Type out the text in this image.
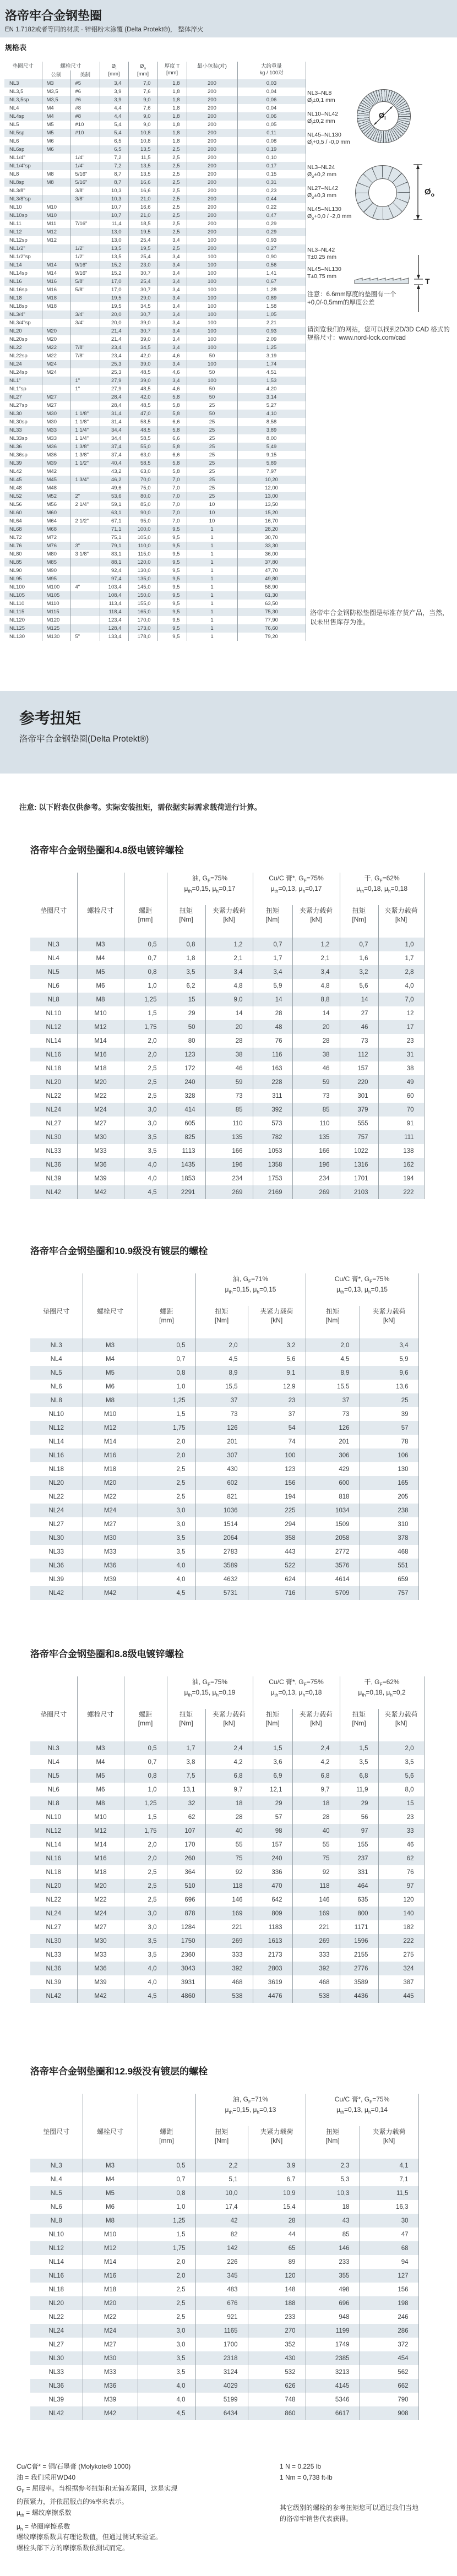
洛帝牢合金钢垫圈
EN 1.7182或者等同的材质 · 锌铝粉末涂覆 (Delta Protekt®)， 整体淬火
规格表
垫圈尺寸	螺栓尺寸		$Ø_i$
[mm]	$Ø_o$
[mm]	厚度 T
[mm]	最小包装(对)	大约重量
kg / 100对
	公制	美制					
NL3	M3	#5	3,4	7,0	1,8	200	0,03
NL3,5	M3,5	#6	3,9	7,6	1,8	200	0,04
NL3,5sp	M3,5	#6	3,9	9,0	1,8	200	0,06
NL4	M4	#8	4,4	7,6	1,8	200	0,04
NL4sp	M4	#8	4,4	9,0	1,8	200	0,06
NL5	M5	#10	5,4	9,0	1,8	200	0,05
NL5sp	M5	#10	5,4	10,8	1,8	200	0,11
NL6	M6		6,5	10,8	1,8	200	0,08
NL6sp	M6		6,5	13,5	2,5	200	0,19
NL1/4"		1/4"	7,2	11,5	2,5	200	0,10
NL1/4"sp		1/4"	7,2	13,5	2,5	200	0,17
NL8	M8	5/16"	8,7	13,5	2,5	200	0,15
NL8sp	M8	5/16"	8,7	16,6	2,5	200	0,31
NL3/8"		3/8"	10,3	16,6	2,5	200	0,23
NL3/8"sp		3/8"	10,3	21,0	2,5	200	0,44
NL10	M10		10,7	16,6	2,5	200	0,22
NL10sp	M10		10,7	21,0	2,5	200	0,47
NL11	M11	7/16"	11,4	18,5	2,5	200	0,29
NL12	M12		13,0	19,5	2,5	200	0,29
NL12sp	M12		13,0	25,4	3,4	100	0,93
NL1/2"		1/2"	13,5	19,5	2,5	200	0,27
NL1/2"sp		1/2"	13,5	25,4	3,4	100	0,90
NL14	M14	9/16"	15,2	23,0	3,4	100	0,56
NL14sp	M14	9/16"	15,2	30,7	3,4	100	1,41
NL16	M16	5/8"	17,0	25,4	3,4	100	0,67
NL16sp	M16	5/8"	17,0	30,7	3,4	100	1,28
NL18	M18		19,5	29,0	3,4	100	0,89
NL18sp	M18		19,5	34,5	3,4	100	1,58
NL3/4"		3/4"	20,0	30,7	3,4	100	1,05
NL3/4"sp		3/4"	20,0	39,0	3,4	100	2,21
NL20	M20		21,4	30,7	3,4	100	0,93
NL20sp	M20		21,4	39,0	3,4	100	2,09
NL22	M22	7/8"	23,4	34,5	3,4	100	1,25
NL22sp	M22	7/8"	23,4	42,0	4,6	50	3,19
NL24	M24		25,3	39,0	3,4	100	1,74
NL24sp	M24		25,3	48,5	4,6	50	4,51
NL1"		1"	27,9	39,0	3,4	100	1,53
NL1"sp		1"	27,9	48,5	4,6	50	4,20
NL27	M27		28,4	42,0	5,8	50	3,14
NL27sp	M27		28,4	48,5	5,8	25	5,27
NL30	M30	1 1/8"	31,4	47,0	5,8	50	4,10
NL30sp	M30	1 1/8"	31,4	58,5	6,6	25	8,58
NL33	M33	1 1/4"	34,4	48,5	5,8	25	3,89
NL33sp	M33	1 1/4"	34,4	58,5	6,6	25	8,00
NL36	M36	1 3/8"	37,4	55,0	5,8	25	5,49
NL36sp	M36	1 3/8"	37,4	63,0	6,6	25	9,15
NL39	M39	1 1/2"	40,4	58,5	5,8	25	5,89
NL42	M42		43,2	63,0	5,8	25	7,97
NL45	M45	1 3/4"	46,2	70,0	7,0	25	10,20
NL48	M48		49,6	75,0	7,0	25	12,00
NL52	M52	2"	53,6	80,0	7,0	25	13,00
NL56	M56	2 1/4"	59,1	85,0	7,0	10	13,50
NL60	M60		63,1	90,0	7,0	10	15,20
NL64	M64	2 1/2"	67,1	95,0	7,0	10	16,70
NL68	M68		71,1	100,0	9,5	1	28,20
NL72	M72		75,1	105,0	9,5	1	30,70
NL76	M76	3"	79,1	110,0	9,5	1	33,30
NL80	M80	3 1/8"	83,1	115,0	9,5	1	36,00
NL85	M85		88,1	120,0	9,5	1	37,80
NL90	M90		92,4	130,0	9,5	1	47,70
NL95	M95		97,4	135,0	9,5	1	49,80
NL100	M100	4"	103,4	145,0	9,5	1	58,90
NL105	M105		108,4	150,0	9,5	1	61,30
NL110	M110		113,4	155,0	9,5	1	63,50
NL115	M115		118,4	165,0	9,5	1	75,30
NL120	M120		123,4	170,0	9,5	1	77,90
NL125	M125		128,4	173,0	9,5	1	76,60
NL130	M130	5"	133,4	178,0	9,5	1	79,20
NL3–NL8
$Ø_i\pm 0,1$ mm
NL10–NL42
$Ø_i\pm 0,2$ mm
NL45–NL130
$Ø_i+0,5 / -0,0$ mm
$Ø_i$
NL3–NL24
$Ø_o\pm 0,2$ mm
NL27–NL42
$Ø_o\pm 0,3$ mm
NL45–NL130
$Ø_o+0,0 / -2,0$ mm
$Ø_o$
NL3–NL42
T±0,25 mm
NL45–NL130
T±0,75 mm
T
注意：6.6mm厚度的垫圈有一个
+0,0/-0,5mm的厚度公差
请浏览我们的网站，您可以找到2D/3D CAD 格式的规格尺寸：www.nord-lock.com/cad
洛帝牢合金钢防松垫圈是标准存货产品，当然，以未出售库存为准。
参考扭矩
洛帝牢合金钢垫圈(Delta Protekt®)
注意: 以下附表仅供参考。实际安装扭矩，需依据实际需求载荷进行计算。
洛帝牢合金钢垫圈和4.8级电镀锌螺栓
			油, $G_F=75\%$
$\mu_{th}=0,15$, $\mu_h=0,17$		Cu/C 膏*, $G_F=75\%$
$\mu_{th}=0,13$, $\mu_h=0,17$		干, $G_F=62\%$
$\mu_{th}=0,18$, $\mu_h=0,18$	
垫圈尺寸	螺栓尺寸	螺距
[mm]	扭矩
[Nm]	夹紧力载荷
[kN]	扭矩
[Nm]	夹紧力载荷
[kN]	扭矩
[Nm]	夹紧力载荷
[kN]
NL3	M3	0,5	0,8	1,2	0,7	1,2	0,7	1,0
NL4	M4	0,7	1,8	2,1	1,7	2,1	1,6	1,7
NL5	M5	0,8	3,5	3,4	3,4	3,4	3,2	2,8
NL6	M6	1,0	6,2	4,8	5,9	4,8	5,6	4,0
NL8	M8	1,25	15	9,0	14	8,8	14	7,0
NL10	M10	1,5	29	14	28	14	27	12
NL12	M12	1,75	50	20	48	20	46	17
NL14	M14	2,0	80	28	76	28	73	23
NL16	M16	2,0	123	38	116	38	112	31
NL18	M18	2,5	172	46	163	46	157	38
NL20	M20	2,5	240	59	228	59	220	49
NL22	M22	2,5	328	73	311	73	301	60
NL24	M24	3,0	414	85	392	85	379	70
NL27	M27	3,0	605	110	573	110	555	91
NL30	M30	3,5	825	135	782	135	757	111
NL33	M33	3,5	1113	166	1053	166	1022	138
NL36	M36	4,0	1435	196	1358	196	1316	162
NL39	M39	4,0	1853	234	1753	234	1701	194
NL42	M42	4,5	2291	269	2169	269	2103	222
洛帝牢合金钢垫圈和10.9级没有镀层的螺栓
			油, $G_F=71\%$
$\mu_{th}=0,15$, $\mu_h=0,15$		Cu/C 膏*, $G_F=75\%$
$\mu_{th}=0,13$, $\mu_h=0,15$	
垫圈尺寸	螺栓尺寸	螺距
[mm]	扭矩
[Nm]	夹紧力载荷
[kN]	扭矩
[Nm]	夹紧力载荷
[kN]
NL3	M3	0,5	2,0	3,2	2,0	3,4
NL4	M4	0,7	4,5	5,6	4,5	5,9
NL5	M5	0,8	8,9	9,1	8,9	9,6
NL6	M6	1,0	15,5	12,9	15,5	13,6
NL8	M8	1,25	37	23	37	25
NL10	M10	1,5	73	37	73	39
NL12	M12	1,75	126	54	126	57
NL14	M14	2,0	201	74	201	78
NL16	M16	2,0	307	100	306	106
NL18	M18	2,5	430	123	429	130
NL20	M20	2,5	602	156	600	165
NL22	M22	2,5	821	194	818	205
NL24	M24	3,0	1036	225	1034	238
NL27	M27	3,0	1514	294	1509	310
NL30	M30	3,5	2064	358	2058	378
NL33	M33	3,5	2783	443	2772	468
NL36	M36	4,0	3589	522	3576	551
NL39	M39	4,0	4632	624	4614	659
NL42	M42	4,5	5731	716	5709	757
洛帝牢合金钢垫圈和8.8级电镀锌螺栓
			油, $G_F=75\%$
$\mu_{th}=0,15$, $\mu_h=0,19$		Cu/C 膏*, $G_F=75\%$
$\mu_{th}=0,13$, $\mu_h=0,18$		干, $G_F=62\%$
$\mu_{th}=0,18$, $\mu_h=0,2$	
垫圈尺寸	螺栓尺寸	螺距
[mm]	扭矩
[Nm]	夹紧力载荷
[kN]	扭矩
[Nm]	夹紧力载荷
[kN]	扭矩
[Nm]	夹紧力载荷
[kN]
NL3	M3	0,5	1,7	2,4	1,5	2,4	1,5	2,0
NL4	M4	0,7	3,8	4,2	3,6	4,2	3,5	3,5
NL5	M5	0,8	7,5	6,8	6,9	6,8	6,8	5,6
NL6	M6	1,0	13,1	9,7	12,1	9,7	11,9	8,0
NL8	M8	1,25	32	18	29	18	29	15
NL10	M10	1,5	62	28	57	28	56	23
NL12	M12	1,75	107	40	98	40	97	33
NL14	M14	2,0	170	55	157	55	155	46
NL16	M16	2,0	260	75	240	75	237	62
NL18	M18	2,5	364	92	336	92	331	76
NL20	M20	2,5	510	118	470	118	464	97
NL22	M22	2,5	696	146	642	146	635	120
NL24	M24	3,0	878	169	809	169	800	140
NL27	M27	3,0	1284	221	1183	221	1171	182
NL30	M30	3,5	1750	269	1613	269	1596	222
NL33	M33	3,5	2360	333	2173	333	2155	275
NL36	M36	4,0	3043	392	2803	392	2776	324
NL39	M39	4,0	3931	468	3619	468	3589	387
NL42	M42	4,5	4860	538	4476	538	4436	445
洛帝牢合金钢垫圈和12.9级没有镀层的螺栓
			油, $G_F=71\%$
$\mu_{th}=0,15$, $\mu_h=0,13$		Cu/C 膏*, $G_F=75\%$
$\mu_{th}=0,13$, $\mu_h=0,14$	
垫圈尺寸	螺栓尺寸	螺距
[mm]	扭矩
[Nm]	夹紧力载荷
[kN]	扭矩
[Nm]	夹紧力载荷
[kN]
NL3	M3	0,5	2,2	3,9	2,3	4,1
NL4	M4	0,7	5,1	6,7	5,3	7,1
NL5	M5	0,8	10,0	10,9	10,3	11,5
NL6	M6	1,0	17,4	15,4	18	16,3
NL8	M8	1,25	42	28	43	30
NL10	M10	1,5	82	44	85	47
NL12	M12	1,75	142	65	146	68
NL14	M14	2,0	226	89	233	94
NL16	M16	2,0	345	120	355	127
NL18	M18	2,5	483	148	498	156
NL20	M20	2,5	676	188	696	198
NL22	M22	2,5	921	233	948	246
NL24	M24	3,0	1165	270	1199	286
NL27	M27	3,0	1700	352	1749	372
NL30	M30	3,5	2318	430	2385	454
NL33	M33	3,5	3124	532	3213	562
NL36	M36	4,0	4029	626	4145	662
NL39	M39	4,0	5199	748	5346	790
NL42	M42	4,5	6434	860	6617	908
Cu/C膏* = 铜/石墨膏 (Molykote® 1000)
油 = 我们采用WD40
$G_F$ = 屈服率。当根据参考扭矩和无偏差紧固，这是实现
的预紧力，并依屈服点的%率来表示。
$\mu_{th}$ = 螺纹摩擦系数
$\mu_h$ = 垫圈摩擦系数
螺纹摩擦系数具有理论数值，但通过测试来验证。
螺栓头部下方的摩擦系数依测试而定。
1 N = 0,225 lb
1 Nm = 0,738 ft-lb
其它级别的螺栓的参考扭矩您可以通过我们当地
的洛帝牢销售代表获得。
